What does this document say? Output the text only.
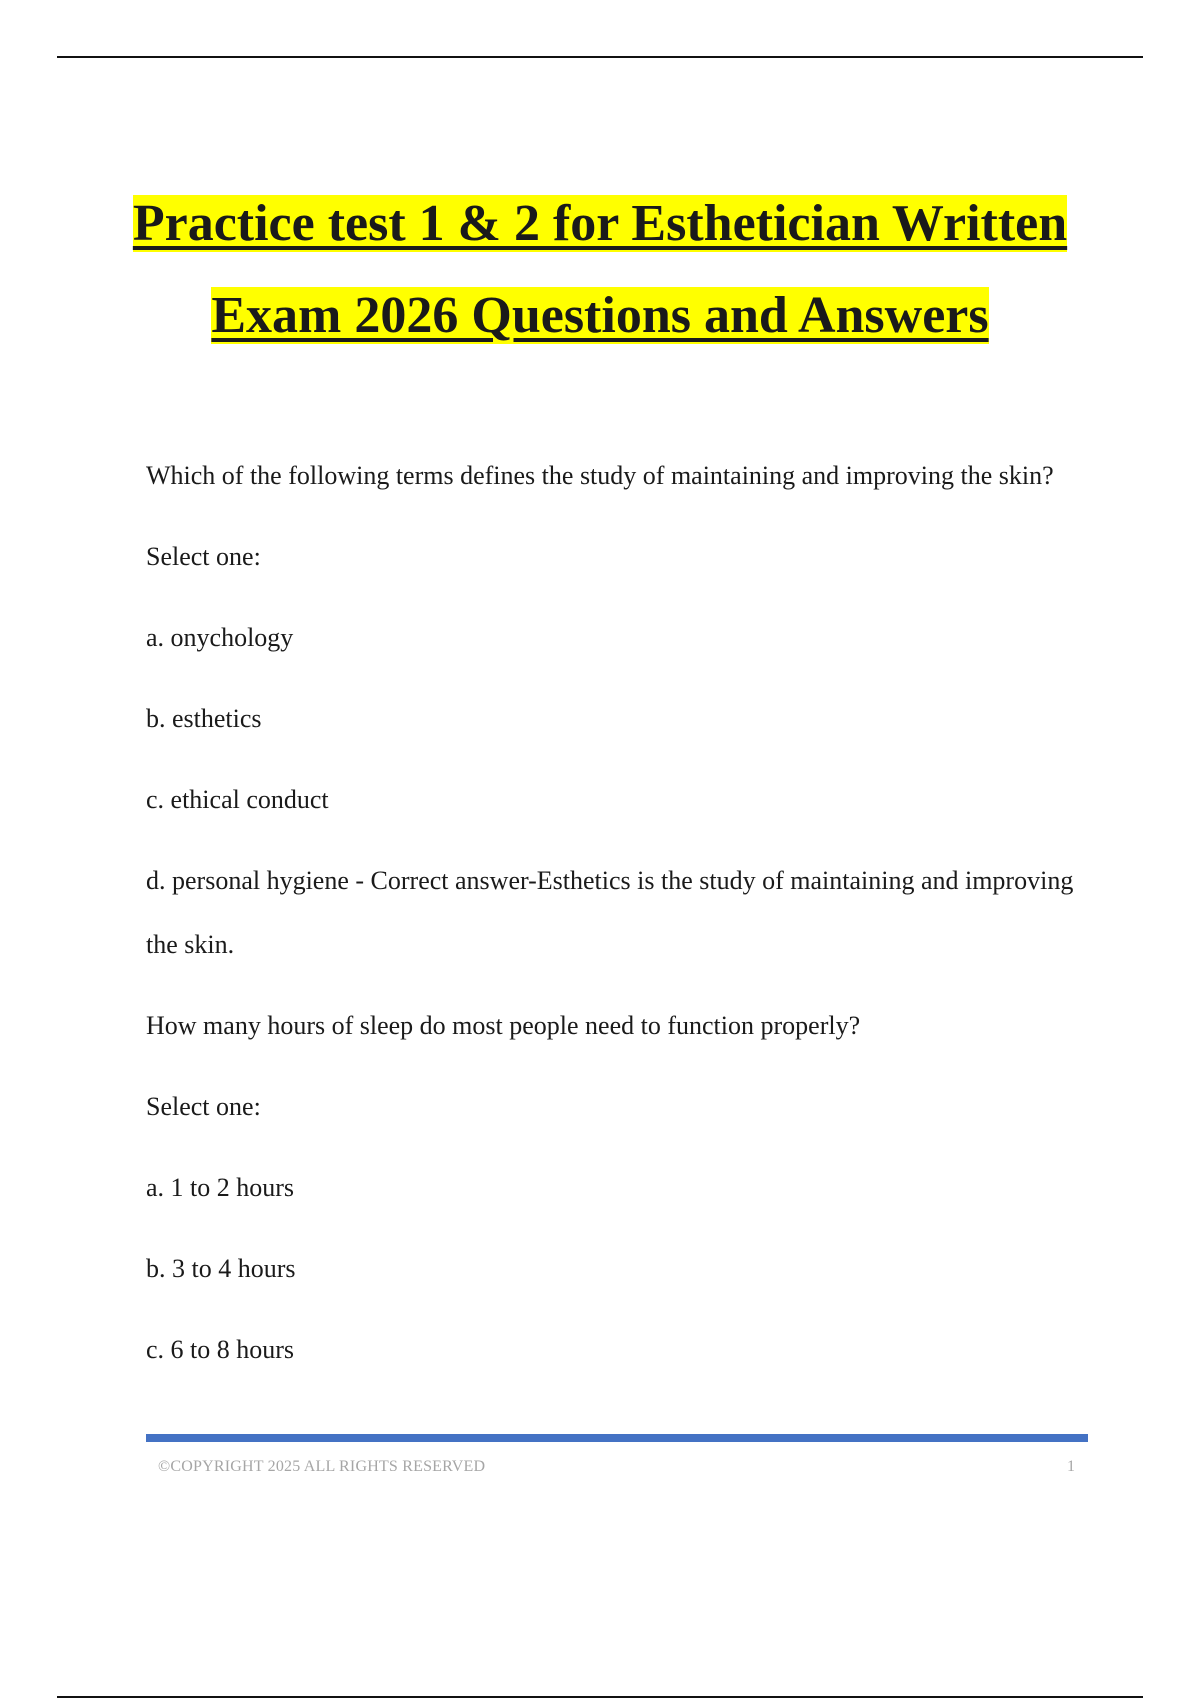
Practice test 1 & 2 for Esthetician Written
Exam 2026 Questions and Answers

Which of the following terms defines the study of maintaining and improving the skin?

Select one:

a. onychology

b. esthetics

c. ethical conduct

d. personal hygiene - Correct answer-Esthetics is the study of maintaining and improving the skin.

How many hours of sleep do most people need to function properly?

Select one:

a. 1 to 2 hours

b. 3 to 4 hours

c. 6 to 8 hours

©COPYRIGHT 2025 ALL RIGHTS RESERVED	1
